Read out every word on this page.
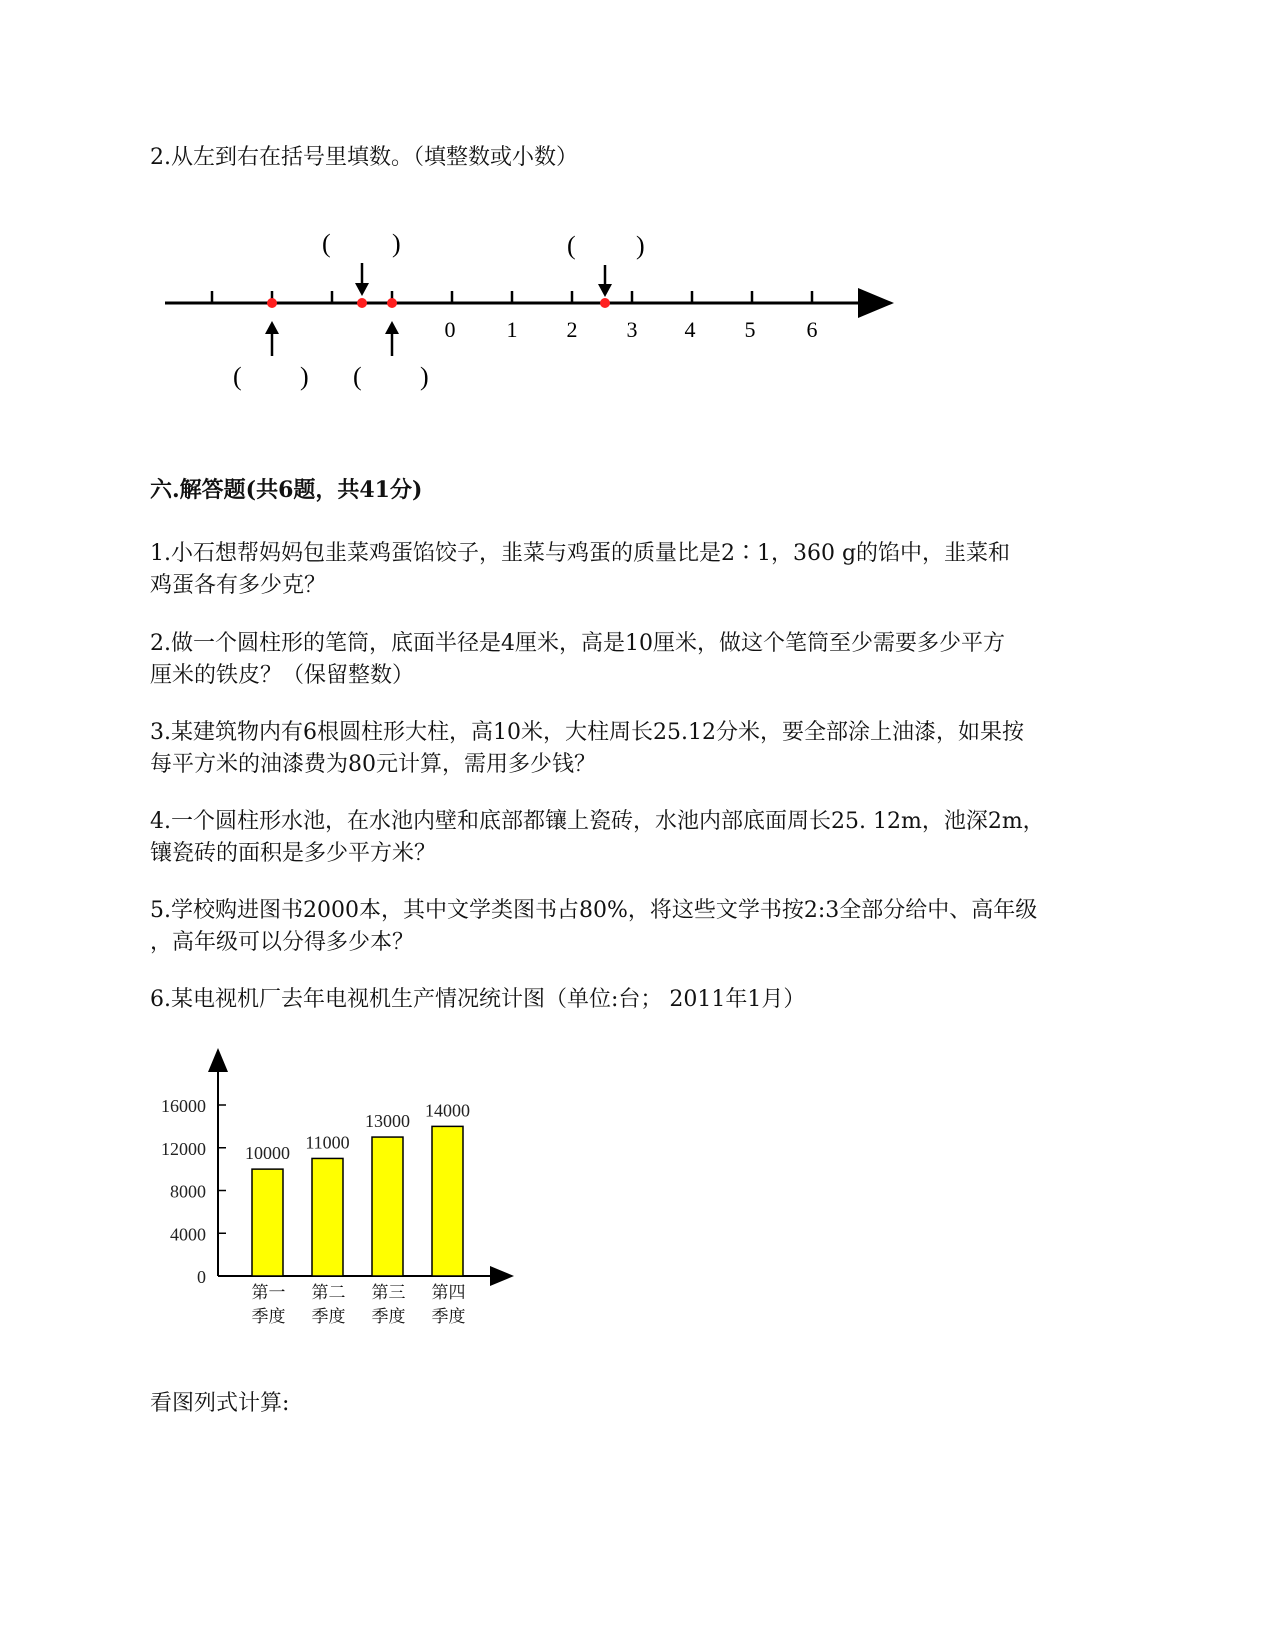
2.从左到右在括号里填数。（填整数或小数）
0 1 2 3 4 5 6
( )	( )
( ) ( )
六.解答题(共6题，共41分)
1.小石想帮妈妈包韭菜鸡蛋馅饺子，韭菜与鸡蛋的质量比是2∶1，360 g的馅中，韭菜和
鸡蛋各有多少克？
2.做一个圆柱形的笔筒，底面半径是4厘米，高是10厘米，做这个笔筒至少需要多少平方
厘米的铁皮？（保留整数）
3.某建筑物内有6根圆柱形大柱，高10米，大柱周长25.12分米，要全部涂上油漆，如果按
每平方米的油漆费为80元计算，需用多少钱？
4.一个圆柱形水池，在水池内壁和底部都镶上瓷砖，水池内部底面周长25. 12m，池深2m，
镶瓷砖的面积是多少平方米？
5.学校购进图书2000本，其中文学类图书占80%，将这些文学书按2:3全部分给中、高年级
，高年级可以分得多少本？
6.某电视机厂去年电视机生产情况统计图（单位:台； 2011年1月）
0
4000
8000
12000
16000
10000
11000
13000
14000
第一
季度
第二
季度
第三
季度
第四
季度
看图列式计算:
